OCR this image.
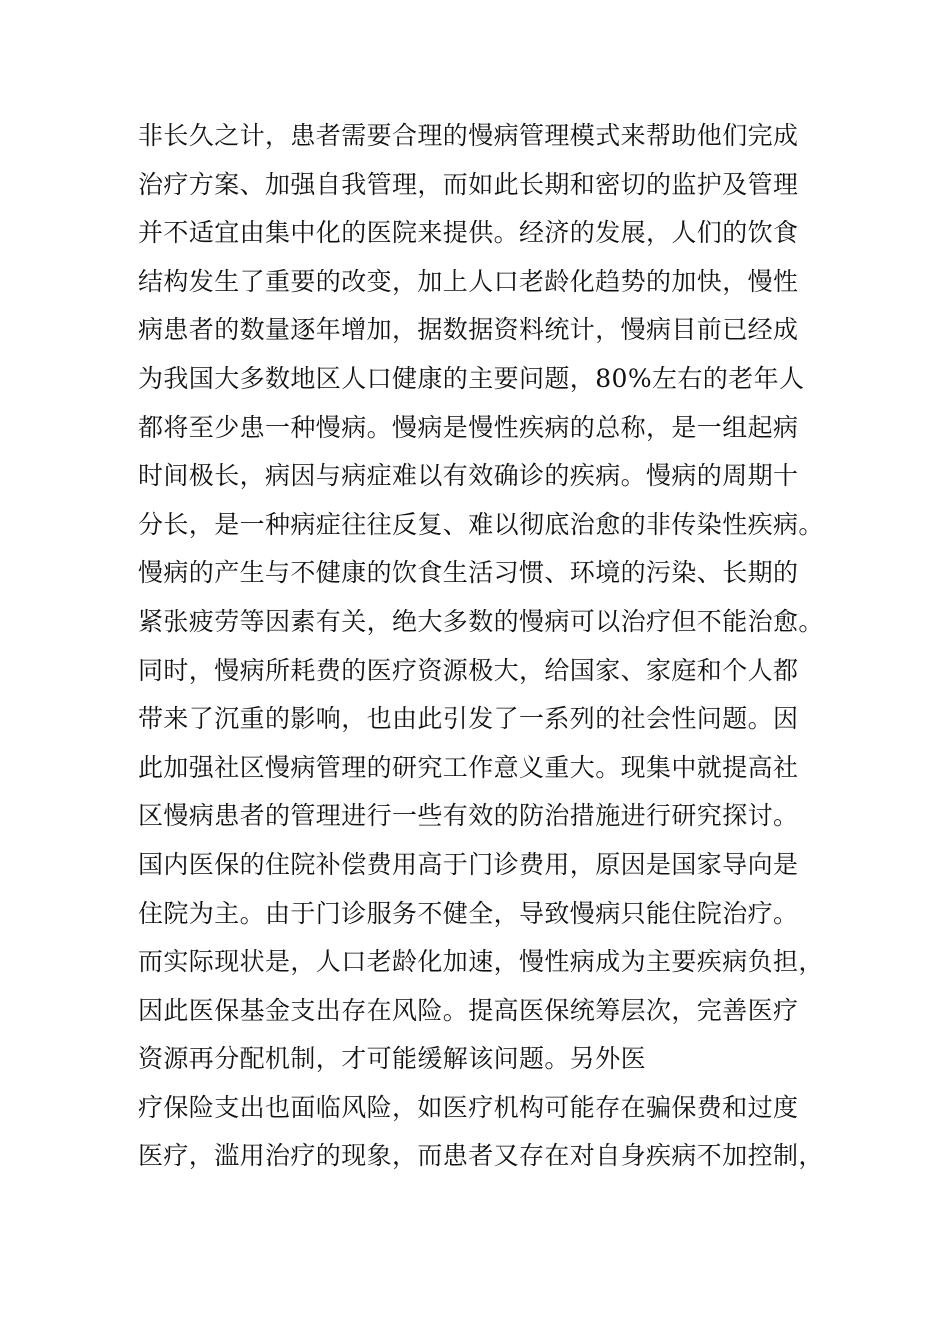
非长久之计，患者需要合理的慢病管理模式来帮助他们完成
治疗方案、加强自我管理，而如此长期和密切的监护及管理
并不适宜由集中化的医院来提供。经济的发展，人们的饮食
结构发生了重要的改变，加上人口老龄化趋势的加快，慢性
病患者的数量逐年增加，据数据资料统计，慢病目前已经成
为我国大多数地区人口健康的主要问题，80%左右的老年人
都将至少患一种慢病。慢病是慢性疾病的总称，是一组起病
时间极长，病因与病症难以有效确诊的疾病。慢病的周期十
分长，是一种病症往往反复、难以彻底治愈的非传染性疾病。
慢病的产生与不健康的饮食生活习惯、环境的污染、长期的
紧张疲劳等因素有关，绝大多数的慢病可以治疗但不能治愈。
同时，慢病所耗费的医疗资源极大，给国家、家庭和个人都
带来了沉重的影响，也由此引发了一系列的社会性问题。因
此加强社区慢病管理的研究工作意义重大。现集中就提高社
区慢病患者的管理进行一些有效的防治措施进行研究探讨。
国内医保的住院补偿费用高于门诊费用，原因是国家导向是
住院为主。由于门诊服务不健全，导致慢病只能住院治疗。
而实际现状是，人口老龄化加速，慢性病成为主要疾病负担，
因此医保基金支出存在风险。提高医保统筹层次，完善医疗
资源再分配机制，才可能缓解该问题。另外医
疗保险支出也面临风险，如医疗机构可能存在骗保费和过度
医疗，滥用治疗的现象，而患者又存在对自身疾病不加控制，
